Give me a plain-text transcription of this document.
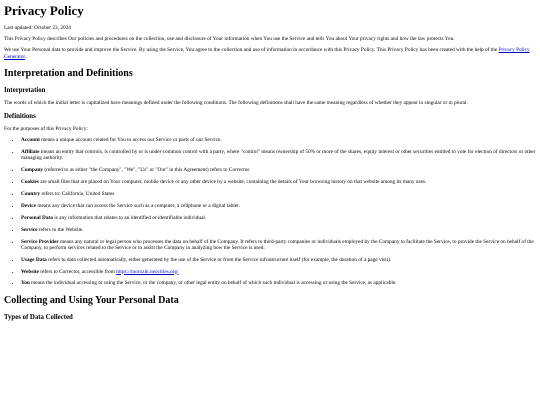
Privacy Policy

Last updated: October 23, 2024

This Privacy Policy describes Our policies and procedures on the collection, use and disclosure of Your information when You use the Service and tells You about Your privacy rights and how the law protects You.

We use Your Personal data to provide and improve the Service. By using the Service, You agree to the collection and use of information in accordance with this Privacy Policy. This Privacy Policy has been created with the help of the Privacy Policy Generator.

Interpretation and Definitions
Interpretation

The words of which the initial letter is capitalized have meanings defined under the following conditions. The following definitions shall have the same meaning regardless of whether they appear in singular or in plural.

Definitions

For the purposes of this Privacy Policy:

• Account means a unique account created for You to access our Service or parts of our Service.
• Affiliate means an entity that controls, is controlled by or is under common control with a party, where "control" means ownership of 50% or more of the shares, equity interest or other securities entitled to vote for election of directors or other managing authority.
• Company (referred to as either "the Company", "We", "Us" or "Our" in this Agreement) refers to Corrector.
• Cookies are small files that are placed on Your computer, mobile device or any other device by a website, containing the details of Your browsing history on that website among its many uses.
• Country refers to: California, United States
• Device means any device that can access the Service such as a computer, a cellphone or a digital tablet.
• Personal Data is any information that relates to an identified or identifiable individual.
• Service refers to the Website.
• Service Provider means any natural or legal person who processes the data on behalf of the Company. It refers to third-party companies or individuals employed by the Company to facilitate the Service, to provide the Service on behalf of the Company, to perform services related to the Service or to assist the Company in analyzing how the Service is used.
• Usage Data refers to data collected automatically, either generated by the use of the Service or from the Service infrastructure itself (for example, the duration of a page visit).
• Website refers to Corrector, accessible from https://morozik.neocities.org/
• You means the individual accessing or using the Service, or the company, or other legal entity on behalf of which such individual is accessing or using the Service, as applicable.
Collecting and Using Your Personal Data
Types of Data Collected
